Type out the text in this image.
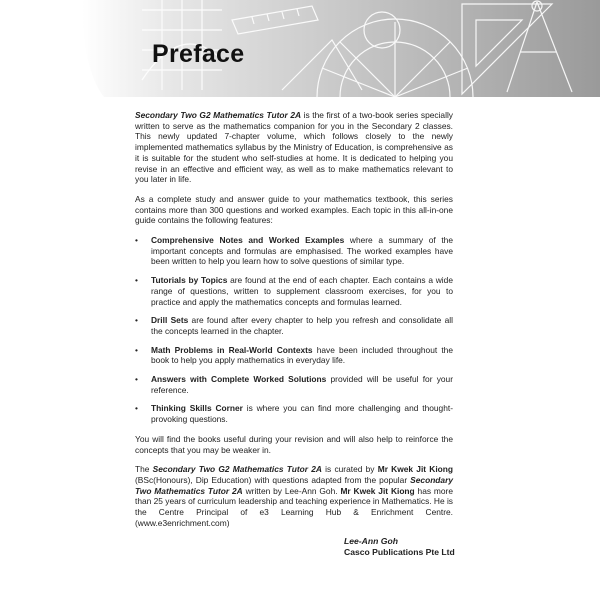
Preface

Secondary Two G2 Mathematics Tutor 2A is the first of a two-book series specially written to serve as the mathematics companion for you in the Secondary 2 classes. This newly updated 7-chapter volume, which follows closely to the newly implemented mathematics syllabus by the Ministry of Education, is comprehensive as it is suitable for the student who self-studies at home. It is dedicated to helping you revise in an effective and efficient way, as well as to make mathematics relevant to you later in life.

As a complete study and answer guide to your mathematics textbook, this series contains more than 300 questions and worked examples. Each topic in this all-in-one guide contains the following features:

• Comprehensive Notes and Worked Examples where a summary of the important concepts and formulas are emphasised. The worked examples have been written to help you learn how to solve questions of similar type.
• Tutorials by Topics are found at the end of each chapter. Each contains a wide range of questions, written to supplement classroom exercises, for you to practice and apply the mathematics concepts and formulas learned.
• Drill Sets are found after every chapter to help you refresh and consolidate all the concepts learned in the chapter.
• Math Problems in Real-World Contexts have been included throughout the book to help you apply mathematics in everyday life.
• Answers with Complete Worked Solutions provided will be useful for your reference.
• Thinking Skills Corner is where you can find more challenging and thought-provoking questions.

You will find the books useful during your revision and will also help to reinforce the concepts that you may be weaker in.

The Secondary Two G2 Mathematics Tutor 2A is curated by Mr Kwek Jit Kiong (BSc(Honours), Dip Education) with questions adapted from the popular Secondary Two Mathematics Tutor 2A written by Lee-Ann Goh. Mr Kwek Jit Kiong has more than 25 years of curriculum leadership and teaching experience in Mathematics. He is the Centre Principal of e3 Learning Hub & Enrichment Centre. (www.e3enrichment.com)

Lee-Ann Goh
Casco Publications Pte Ltd
